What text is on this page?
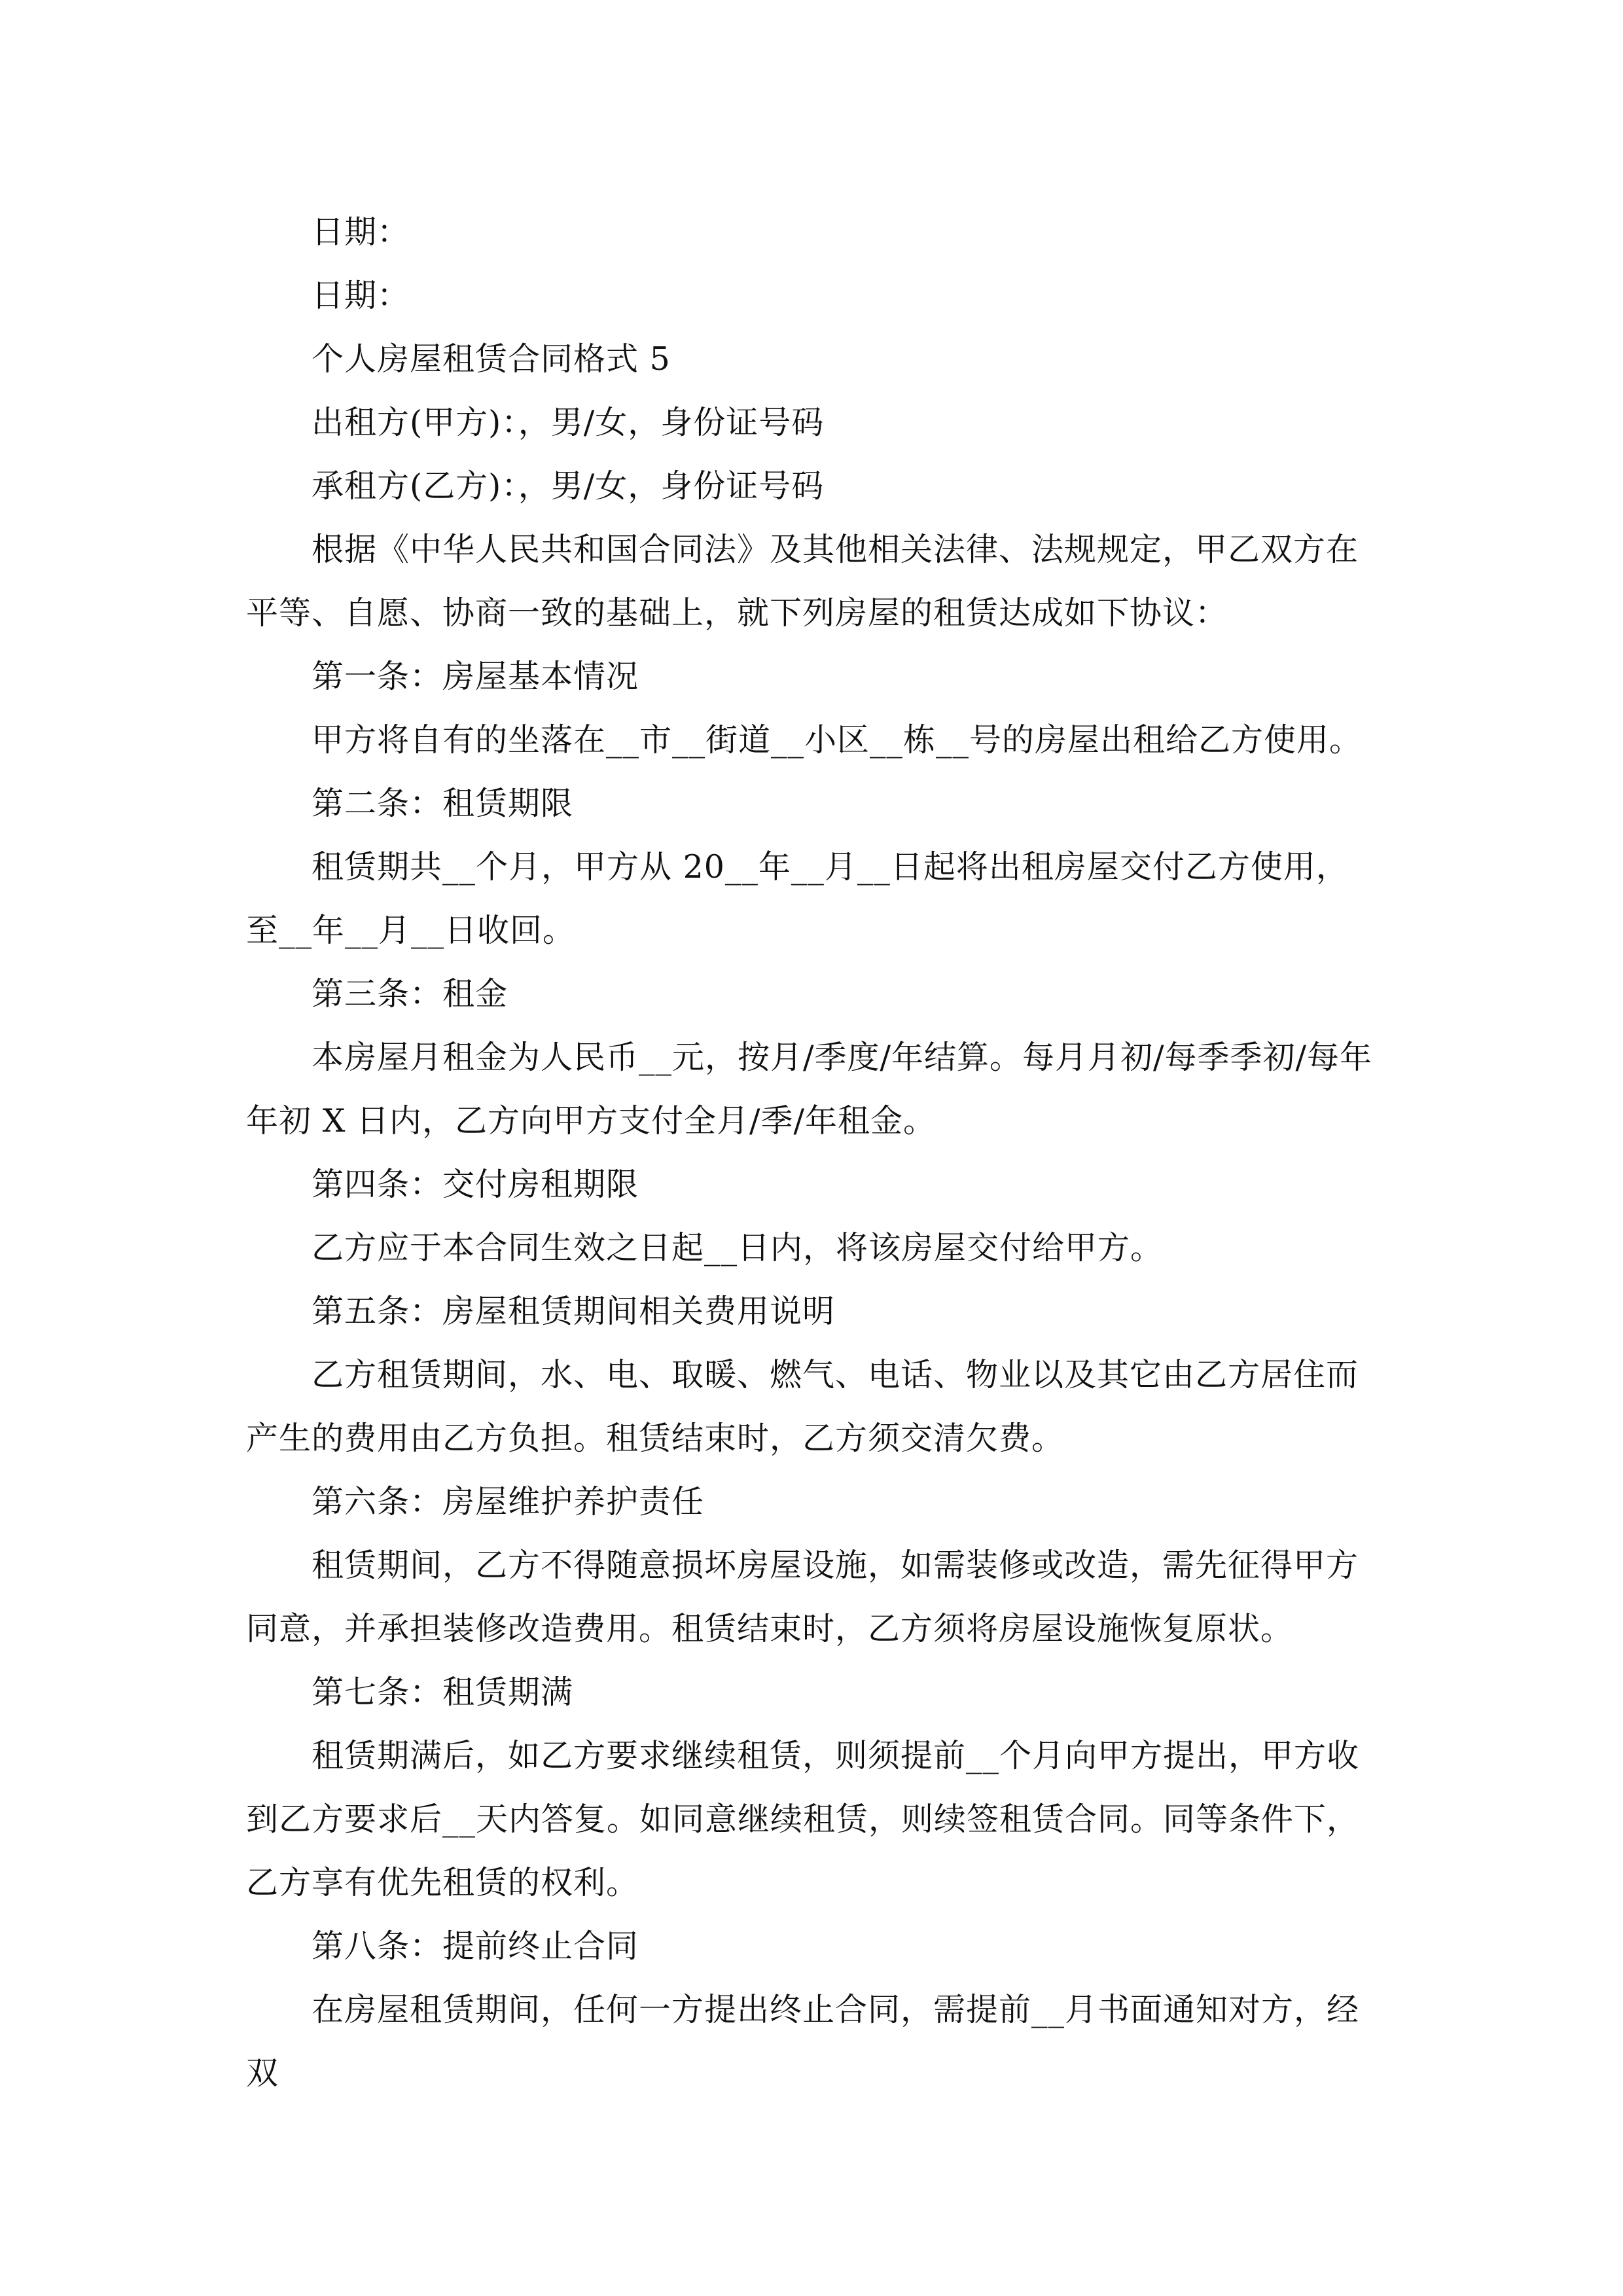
日期：

日期：

个人房屋租赁合同格式 5

出租方(甲方)：，男/女，身份证号码

承租方(乙方)：，男/女，身份证号码

根据《中华人民共和国合同法》及其他相关法律、法规规定，甲乙双方在平等、自愿、协商一致的基础上，就下列房屋的租赁达成如下协议：

第一条：房屋基本情况

甲方将自有的坐落在__市__街道__小区__栋__号的房屋出租给乙方使用。

第二条：租赁期限

租赁期共__个月，甲方从 20__年__月__日起将出租房屋交付乙方使用，至__年__月__日收回。

第三条：租金

本房屋月租金为人民币__元，按月/季度/年结算。每月月初/每季季初/每年年初 X 日内，乙方向甲方支付全月/季/年租金。

第四条：交付房租期限

乙方应于本合同生效之日起__日内，将该房屋交付给甲方。

第五条：房屋租赁期间相关费用说明

乙方租赁期间，水、电、取暖、燃气、电话、物业以及其它由乙方居住而产生的费用由乙方负担。租赁结束时，乙方须交清欠费。

第六条：房屋维护养护责任

租赁期间，乙方不得随意损坏房屋设施，如需装修或改造，需先征得甲方同意，并承担装修改造费用。租赁结束时，乙方须将房屋设施恢复原状。

第七条：租赁期满

租赁期满后，如乙方要求继续租赁，则须提前__个月向甲方提出，甲方收到乙方要求后__天内答复。如同意继续租赁，则续签租赁合同。同等条件下，乙方享有优先租赁的权利。

第八条：提前终止合同

在房屋租赁期间，任何一方提出终止合同，需提前__月书面通知对方，经双
